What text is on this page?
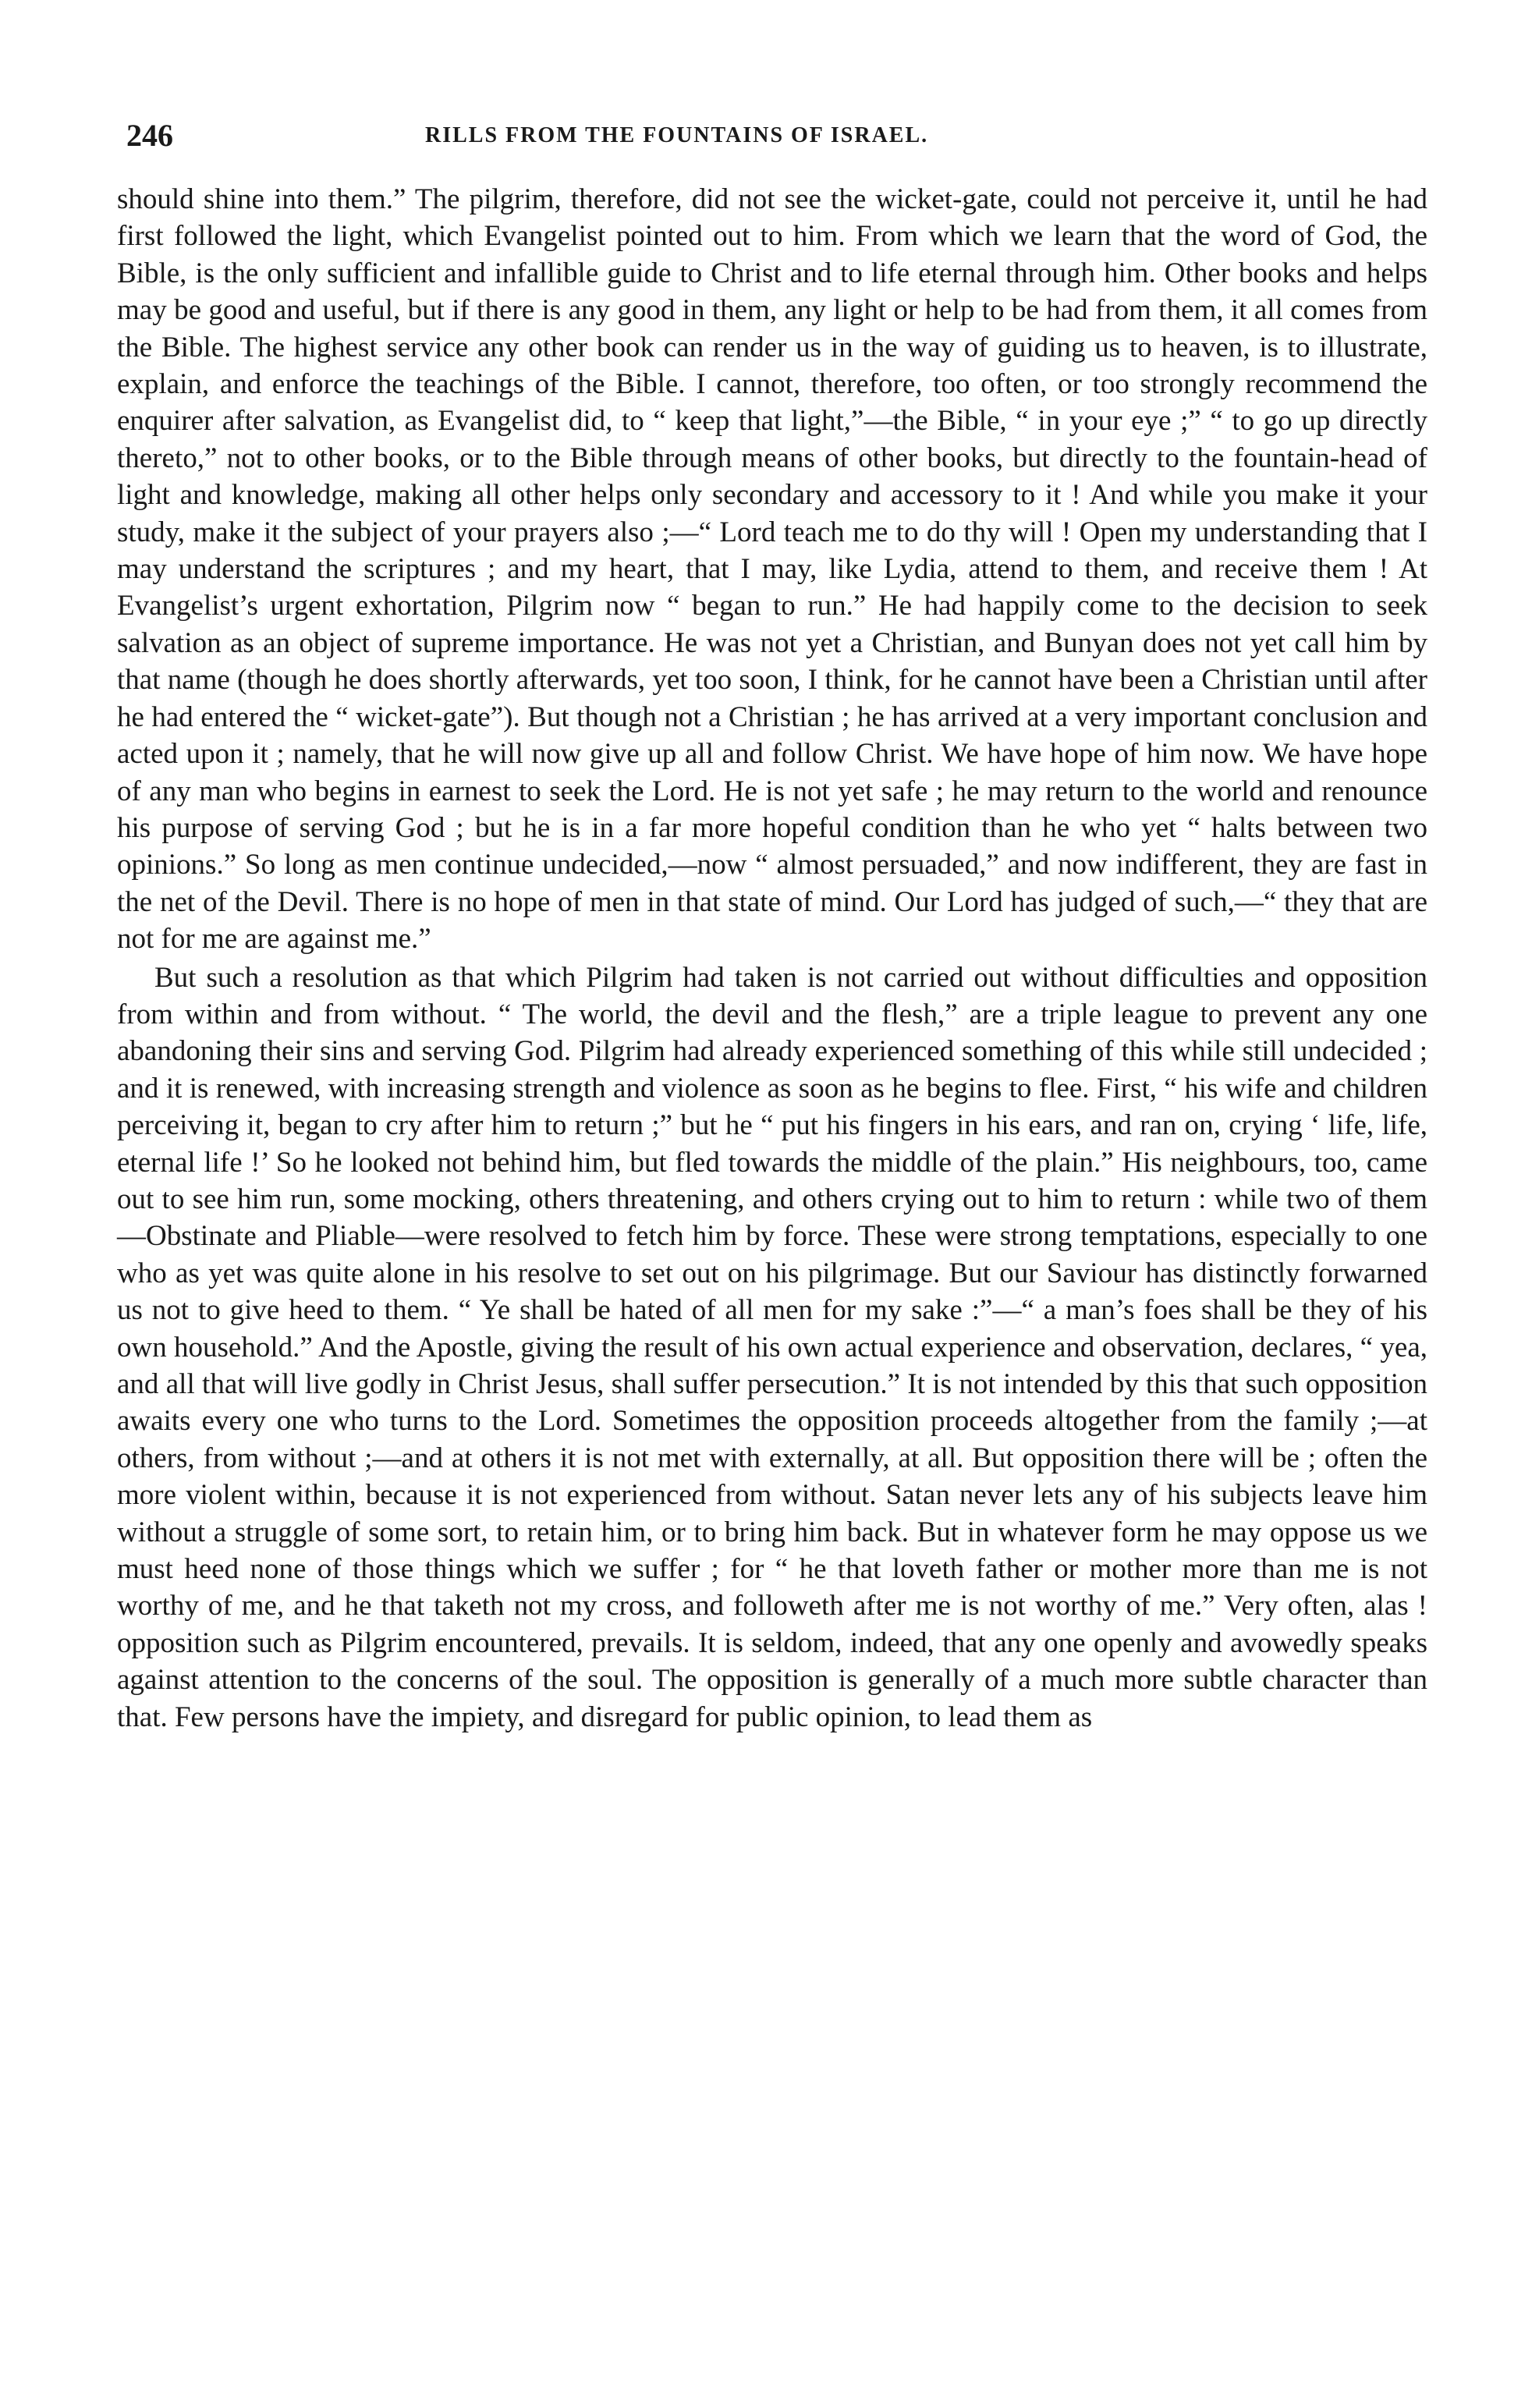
246	RILLS FROM THE FOUNTAINS OF ISRAEL.

should shine into them.” The pilgrim, therefore, did not see the wicket-gate, could not perceive it, until he had first followed the light, which Evangelist pointed out to him. From which we learn that the word of God, the Bible, is the only sufficient and infallible guide to Christ and to life eternal through him. Other books and helps may be good and useful, but if there is any good in them, any light or help to be had from them, it all comes from the Bible. The highest service any other book can render us in the way of guiding us to heaven, is to illustrate, explain, and enforce the teachings of the Bible. I cannot, therefore, too often, or too strongly recommend the enquirer after salvation, as Evangelist did, to “ keep that light,”—the Bible, “ in your eye ;” “ to go up directly thereto,” not to other books, or to the Bible through means of other books, but directly to the fountain-head of light and knowledge, making all other helps only secondary and accessory to it ! And while you make it your study, make it the subject of your prayers also ;—“ Lord teach me to do thy will ! Open my understanding that I may understand the scriptures ; and my heart, that I may, like Lydia, attend to them, and receive them ! At Evangelist’s urgent exhortation, Pilgrim now “ began to run.” He had happily come to the decision to seek salvation as an object of supreme importance. He was not yet a Christian, and Bunyan does not yet call him by that name (though he does shortly afterwards, yet too soon, I think, for he cannot have been a Christian until after he had entered the “ wicket-gate”). But though not a Christian ; he has arrived at a very important conclusion and acted upon it ; namely, that he will now give up all and follow Christ. We have hope of him now. We have hope of any man who begins in earnest to seek the Lord. He is not yet safe ; he may return to the world and renounce his purpose of serving God ; but he is in a far more hopeful condition than he who yet “ halts between two opinions.” So long as men continue undecided,—now “ almost persuaded,” and now indifferent, they are fast in the net of the Devil. There is no hope of men in that state of mind. Our Lord has judged of such,—“ they that are not for me are against me.”

But such a resolution as that which Pilgrim had taken is not carried out without difficulties and opposition from within and from without. “ The world, the devil and the flesh,” are a triple league to prevent any one abandoning their sins and serving God. Pilgrim had already experienced something of this while still undecided ; and it is renewed, with increasing strength and violence as soon as he begins to flee. First, “ his wife and children perceiving it, began to cry after him to return ;” but he “ put his fingers in his ears, and ran on, crying ‘ life, life, eternal life !’ So he looked not behind him, but fled towards the middle of the plain.” His neighbours, too, came out to see him run, some mocking, others threatening, and others crying out to him to return : while two of them—Obstinate and Pliable—were resolved to fetch him by force. These were strong temptations, especially to one who as yet was quite alone in his resolve to set out on his pilgrimage. But our Saviour has distinctly forwarned us not to give heed to them. “ Ye shall be hated of all men for my sake :”—“ a man’s foes shall be they of his own household.” And the Apostle, giving the result of his own actual experience and observation, declares, “ yea, and all that will live godly in Christ Jesus, shall suffer persecution.” It is not intended by this that such opposition awaits every one who turns to the Lord. Sometimes the opposition proceeds altogether from the family ;—at others, from without ;—and at others it is not met with externally, at all. But opposition there will be ; often the more violent within, because it is not experienced from without. Satan never lets any of his subjects leave him without a struggle of some sort, to retain him, or to bring him back. But in whatever form he may oppose us we must heed none of those things which we suffer ; for “ he that loveth father or mother more than me is not worthy of me, and he that taketh not my cross, and followeth after me is not worthy of me.” Very often, alas ! opposition such as Pilgrim encountered, prevails. It is seldom, indeed, that any one openly and avowedly speaks against attention to the concerns of the soul. The opposition is generally of a much more subtle character than that. Few persons have the impiety, and disregard for public opinion, to lead them as
